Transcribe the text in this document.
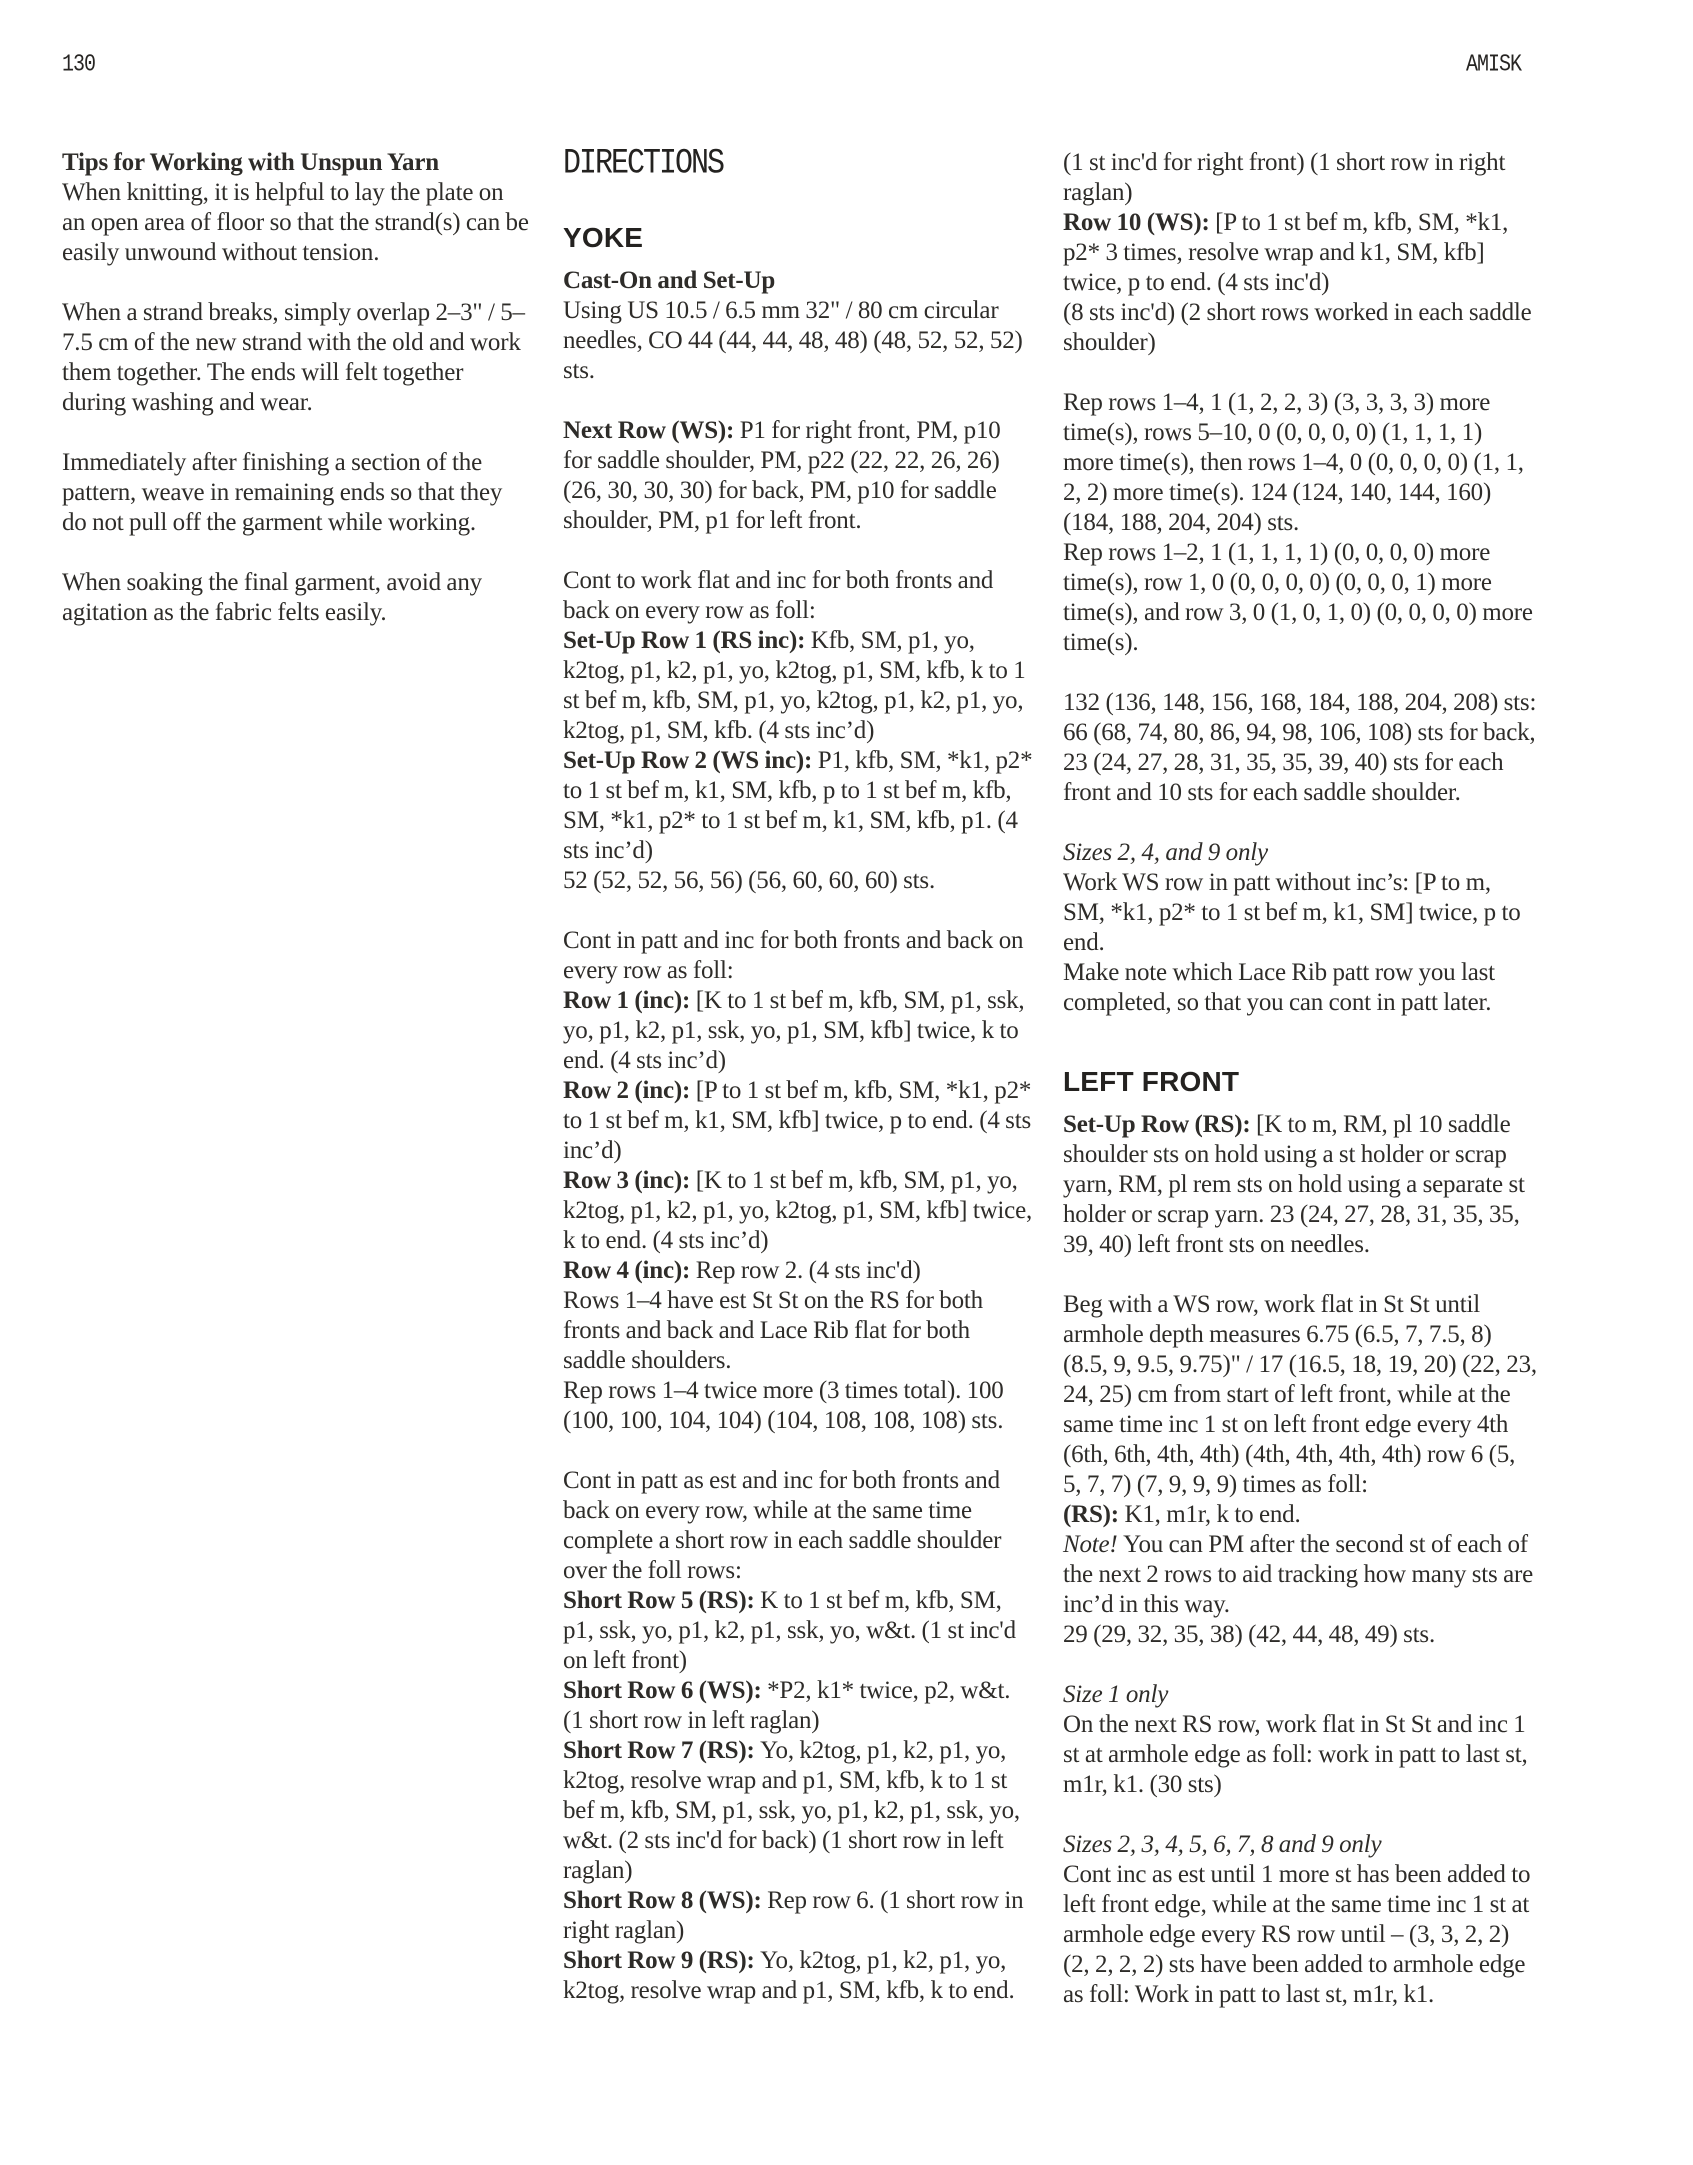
130	AMISK

Tips for Working with Unspun Yarn

When knitting, it is helpful to lay the plate on an open area of floor so that the strand(s) can be easily unwound without tension.

When a strand breaks, simply overlap 2–3" / 5–7.5 cm of the new strand with the old and work them together. The ends will felt together during washing and wear.

Immediately after finishing a section of the pattern, weave in remaining ends so that they do not pull off the garment while working.

When soaking the final garment, avoid any agitation as the fabric felts easily.

DIRECTIONS
YOKE

Cast-On and Set-Up

Using US 10.5 / 6.5 mm 32" / 80 cm circular needles, CO 44 (44, 44, 48, 48) (48, 52, 52, 52) sts.

Next Row (WS): P1 for right front, PM, p10 for saddle shoulder, PM, p22 (22, 22, 26, 26) (26, 30, 30, 30) for back, PM, p10 for saddle shoulder, PM, p1 for left front.

Cont to work flat and inc for both fronts and back on every row as foll:

Set-Up Row 1 (RS inc): Kfb, SM, p1, yo, k2tog, p1, k2, p1, yo, k2tog, p1, SM, kfb, k to 1 st bef m, kfb, SM, p1, yo, k2tog, p1, k2, p1, yo, k2tog, p1, SM, kfb. (4 sts inc’d)

Set-Up Row 2 (WS inc): P1, kfb, SM, *k1, p2* to 1 st bef m, k1, SM, kfb, p to 1 st bef m, kfb, SM, *k1, p2* to 1 st bef m, k1, SM, kfb, p1. (4 sts inc’d)

52 (52, 52, 56, 56) (56, 60, 60, 60) sts.

Cont in patt and inc for both fronts and back on every row as foll:

Row 1 (inc): [K to 1 st bef m, kfb, SM, p1, ssk, yo, p1, k2, p1, ssk, yo, p1, SM, kfb] twice, k to end. (4 sts inc’d)

Row 2 (inc): [P to 1 st bef m, kfb, SM, *k1, p2* to 1 st bef m, k1, SM, kfb] twice, p to end. (4 sts inc’d)

Row 3 (inc): [K to 1 st bef m, kfb, SM, p1, yo, k2tog, p1, k2, p1, yo, k2tog, p1, SM, kfb] twice, k to end. (4 sts inc’d)

Row 4 (inc): Rep row 2. (4 sts inc'd)

Rows 1–4 have est St St on the RS for both fronts and back and Lace Rib flat for both saddle shoulders.

Rep rows 1–4 twice more (3 times total). 100 (100, 100, 104, 104) (104, 108, 108, 108) sts.

Cont in patt as est and inc for both fronts and back on every row, while at the same time complete a short row in each saddle shoulder over the foll rows:

Short Row 5 (RS): K to 1 st bef m, kfb, SM, p1, ssk, yo, p1, k2, p1, ssk, yo, w&t. (1 st inc'd on left front)

Short Row 6 (WS): *P2, k1* twice, p2, w&t. (1 short row in left raglan)

Short Row 7 (RS): Yo, k2tog, p1, k2, p1, yo, k2tog, resolve wrap and p1, SM, kfb, k to 1 st bef m, kfb, SM, p1, ssk, yo, p1, k2, p1, ssk, yo, w&t. (2 sts inc'd for back) (1 short row in left raglan)

Short Row 8 (WS): Rep row 6. (1 short row in right raglan)

Short Row 9 (RS): Yo, k2tog, p1, k2, p1, yo, k2tog, resolve wrap and p1, SM, kfb, k to end.

(1 st inc'd for right front) (1 short row in right raglan)

Row 10 (WS): [P to 1 st bef m, kfb, SM, *k1, p2* 3 times, resolve wrap and k1, SM, kfb] twice, p to end. (4 sts inc'd)

(8 sts inc'd) (2 short rows worked in each saddle shoulder)

Rep rows 1–4, 1 (1, 2, 2, 3) (3, 3, 3, 3) more time(s), rows 5–10, 0 (0, 0, 0, 0) (1, 1, 1, 1) more time(s), then rows 1–4, 0 (0, 0, 0, 0) (1, 1, 2, 2) more time(s). 124 (124, 140, 144, 160) (184, 188, 204, 204) sts.

Rep rows 1–2, 1 (1, 1, 1, 1) (0, 0, 0, 0) more time(s), row 1, 0 (0, 0, 0, 0) (0, 0, 0, 1) more time(s), and row 3, 0 (1, 0, 1, 0) (0, 0, 0, 0) more time(s).

132 (136, 148, 156, 168, 184, 188, 204, 208) sts: 66 (68, 74, 80, 86, 94, 98, 106, 108) sts for back, 23 (24, 27, 28, 31, 35, 35, 39, 40) sts for each front and 10 sts for each saddle shoulder.

Sizes 2, 4, and 9 only

Work WS row in patt without inc’s: [P to m, SM, *k1, p2* to 1 st bef m, k1, SM] twice, p to end.

Make note which Lace Rib patt row you last completed, so that you can cont in patt later.

LEFT FRONT

Set-Up Row (RS): [K to m, RM, pl 10 saddle shoulder sts on hold using a st holder or scrap yarn, RM, pl rem sts on hold using a separate st holder or scrap yarn. 23 (24, 27, 28, 31, 35, 35, 39, 40) left front sts on needles.

Beg with a WS row, work flat in St St until armhole depth measures 6.75 (6.5, 7, 7.5, 8) (8.5, 9, 9.5, 9.75)" / 17 (16.5, 18, 19, 20) (22, 23, 24, 25) cm from start of left front, while at the same time inc 1 st on left front edge every 4th (6th, 6th, 4th, 4th) (4th, 4th, 4th, 4th) row 6 (5, 5, 7, 7) (7, 9, 9, 9) times as foll:

(RS): K1, m1r, k to end.

Note! You can PM after the second st of each of the next 2 rows to aid tracking how many sts are inc’d in this way.

29 (29, 32, 35, 38) (42, 44, 48, 49) sts.

Size 1 only

On the next RS row, work flat in St St and inc 1 st at armhole edge as foll: work in patt to last st, m1r, k1. (30 sts)

Sizes 2, 3, 4, 5, 6, 7, 8 and 9 only

Cont inc as est until 1 more st has been added to left front edge, while at the same time inc 1 st at armhole edge every RS row until – (3, 3, 2, 2) (2, 2, 2, 2) sts have been added to armhole edge as foll: Work in patt to last st, m1r, k1.
